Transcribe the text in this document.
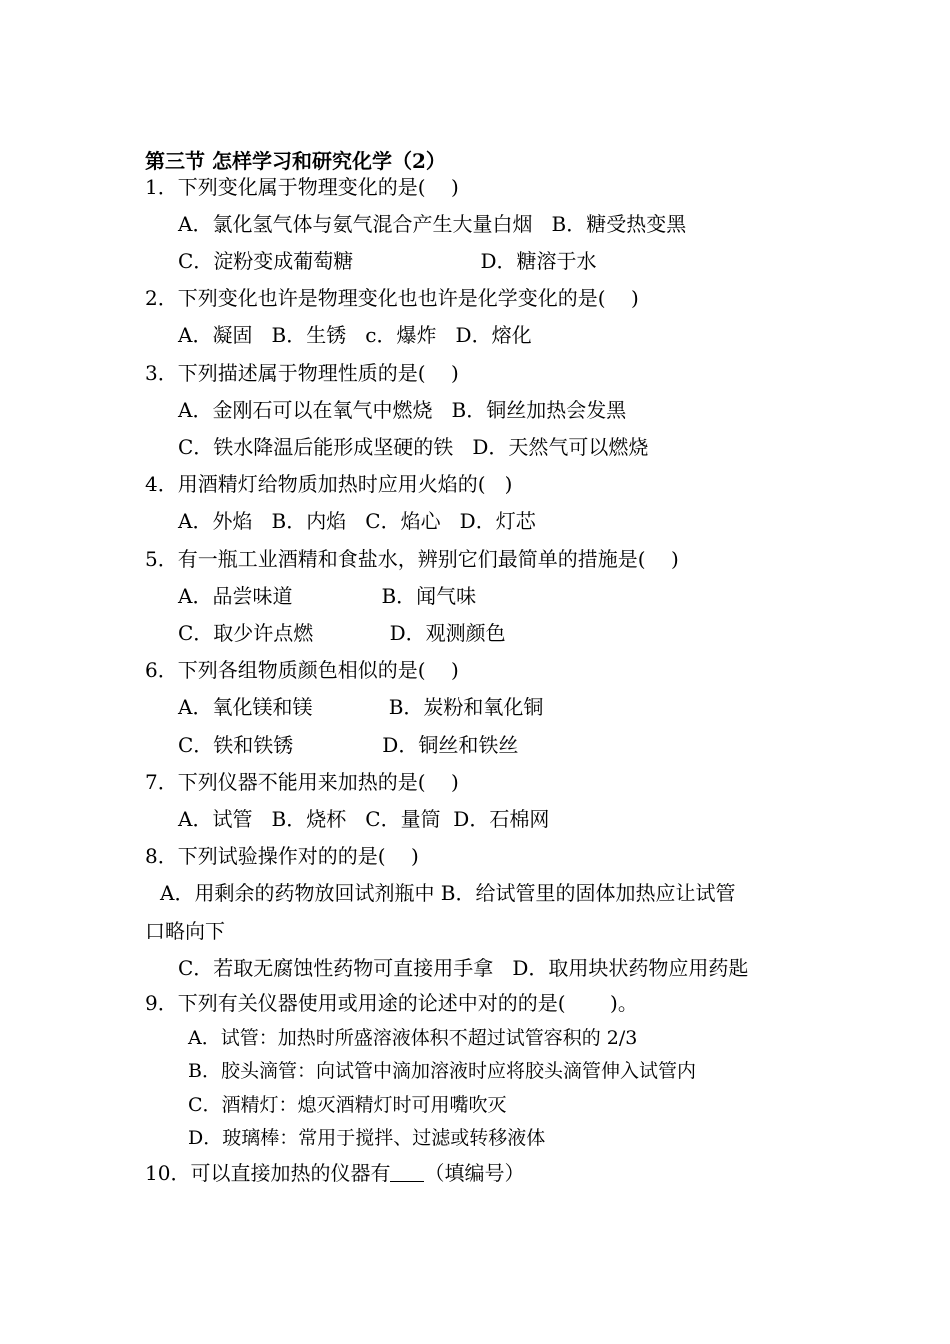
第三节 怎样学习和研究化学（2）
1．下列变化属于物理变化的是(    )
A．氯化氢气体与氨气混合产生大量白烟   B．糖受热变黑
C．淀粉变成葡萄糖                    D．糖溶于水
2．下列变化也许是物理变化也也许是化学变化的是(    )
A．凝固   B．生锈   c．爆炸   D．熔化
3．下列描述属于物理性质的是(    )
A．金刚石可以在氧气中燃烧   B．铜丝加热会发黑
C．铁水降温后能形成坚硬的铁   D．天然气可以燃烧
4．用酒精灯给物质加热时应用火焰的(   )
A．外焰   B．内焰   C．焰心   D．灯芯
5．有一瓶工业酒精和食盐水，辨别它们最简单的措施是(    )
A．品尝味道              B．闻气味
C．取少许点燃            D．观测颜色
6．下列各组物质颜色相似的是(    )
A．氧化镁和镁            B．炭粉和氧化铜
C．铁和铁锈              D．铜丝和铁丝
7．下列仪器不能用来加热的是(    )
A．试管   B．烧杯   C．量筒  D．石棉网
8．下列试验操作对的的是(    )
A．用剩余的药物放回试剂瓶中 B．给试管里的固体加热应让试管
口略向下
C．若取无腐蚀性药物可直接用手拿   D．取用块状药物应用药匙
9．下列有关仪器使用或用途的论述中对的的是(       )。
A．试管：加热时所盛溶液体积不超过试管容积的 2/3
B．胶头滴管：向试管中滴加溶液时应将胶头滴管伸入试管内
C．酒精灯：熄灭酒精灯时可用嘴吹灭
D．玻璃棒：常用于搅拌、过滤或转移液体
10．可以直接加热的仪器有 （填编号）
